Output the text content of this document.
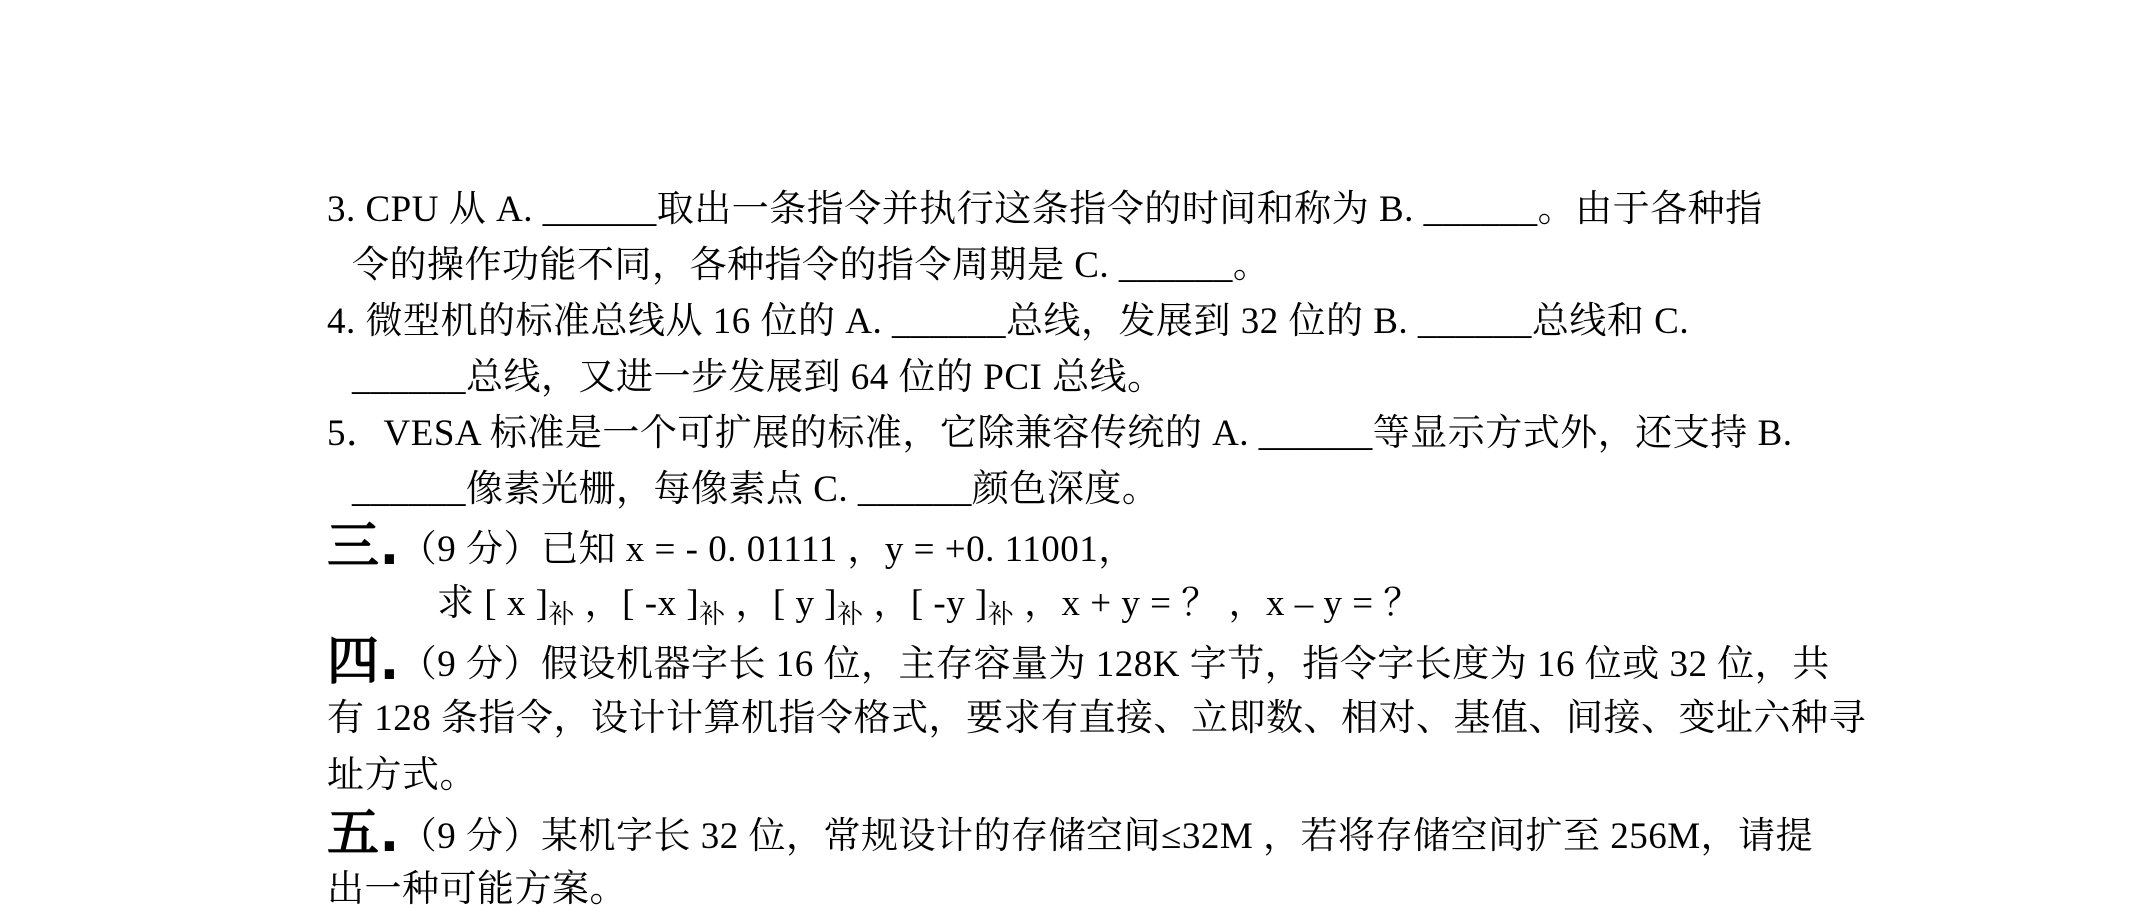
3. CPU 从 A. ______取出一条指令并执行这条指令的时间和称为 B. ______。由于各种指
令的操作功能不同，各种指令的指令周期是 C. ______。
4. 微型机的标准总线从 16 位的 A. ______总线，发展到 32 位的 B. ______总线和 C.
______总线，又进一步发展到 64 位的 PCI 总线。
5．VESA 标准是一个可扩展的标准，它除兼容传统的 A. ______等显示方式外，还支持 B.
______像素光栅，每像素点 C. ______颜色深度。
三.（9 分）已知 x = - 0. 01111 ，y = +0. 11001，
求 [ x ]$_补$ ，[ -x ]$_补$ ，[ y ]$_补$ ，[ -y ]$_补$ ，x + y = ？ ，x – y = ？
四.（9 分）假设机器字长 16 位，主存容量为 128K 字节，指令字长度为 16 位或 32 位，共
有 128 条指令，设计计算机指令格式，要求有直接、立即数、相对、基值、间接、变址六种寻
址方式。
五.（9 分）某机字长 32 位，常规设计的存储空间≤32M ，若将存储空间扩至 256M，请提
出一种可能方案。
